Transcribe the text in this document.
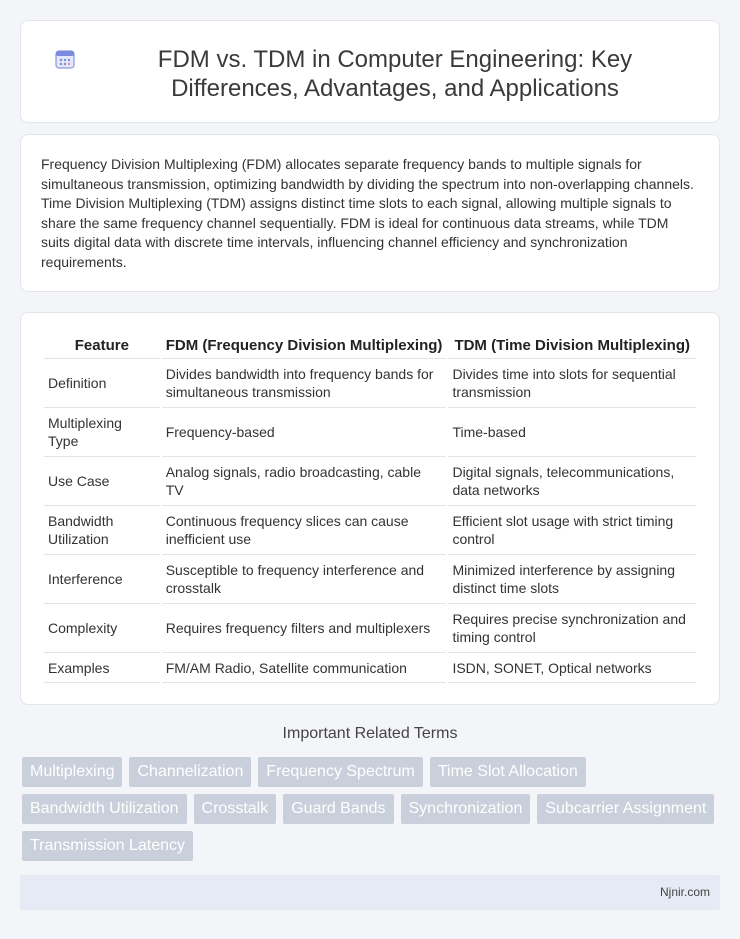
FDM vs. TDM in Computer Engineering: Key Differences, Advantages, and Applications

Frequency Division Multiplexing (FDM) allocates separate frequency bands to multiple signals for simultaneous transmission, optimizing bandwidth by dividing the spectrum into non-overlapping channels. Time Division Multiplexing (TDM) assigns distinct time slots to each signal, allowing multiple signals to share the same frequency channel sequentially. FDM is ideal for continuous data streams, while TDM suits digital data with discrete time intervals, influencing channel efficiency and synchronization requirements.

Feature	FDM (Frequency Division Multiplexing)	TDM (Time Division Multiplexing)
Definition	Divides bandwidth into frequency bands for simultaneous transmission	Divides time into slots for sequential transmission
Multiplexing Type	Frequency-based	Time-based
Use Case	Analog signals, radio broadcasting, cable TV	Digital signals, telecommunications, data networks
Bandwidth Utilization	Continuous frequency slices can cause inefficient use	Efficient slot usage with strict timing control
Interference	Susceptible to frequency interference and crosstalk	Minimized interference by assigning distinct time slots
Complexity	Requires frequency filters and multiplexers	Requires precise synchronization and timing control
Examples	FM/AM Radio, Satellite communication	ISDN, SONET, Optical networks
Important Related Terms
Multiplexing	Channelization	Frequency Spectrum	Time Slot Allocation
Bandwidth Utilization	Crosstalk	Guard Bands	Synchronization	Subcarrier Assignment
Transmission Latency
Njnir.com
